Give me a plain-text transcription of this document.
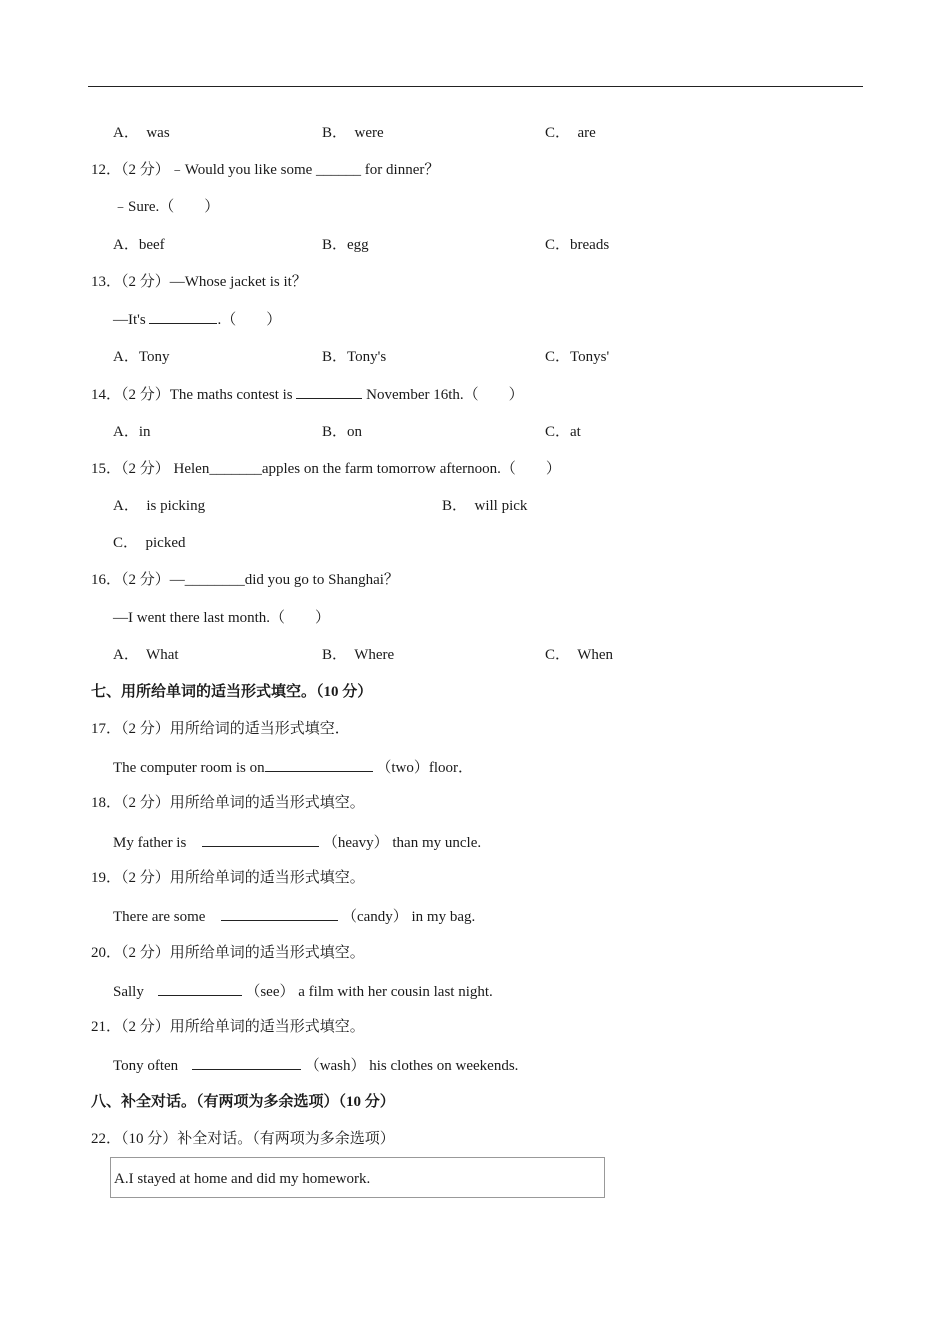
A．  was	B．  were	C．  are
12．（2 分）﹣Would you like some ______ for dinner？
﹣Sure.（　　）
A．beef	B．egg	C．breads
13．（2 分）—Whose jacket is it？
—It's	.（　　）
A．Tony	B．Tony's	C．Tonys'
14．（2 分）The maths contest is	November 16th.（　　）
A．in	B．on	C．at
15．（2 分） Helen_______apples on the farm tomorrow afternoon.（　　）
A．  is picking	B．  will pick
C．  picked
16．（2 分）—________did you go to Shanghai？
—I went there last month.（　　）
A．  What	B．  Where	C．  When
七、用所给单词的适当形式填空。（10 分）
17．（2 分）用所给词的适当形式填空．
The computer room is on	（two）floor．
18．（2 分）用所给单词的适当形式填空。
My father is	（heavy） than my uncle.
19．（2 分）用所给单词的适当形式填空。
There are some	（candy） in my bag.
20．（2 分）用所给单词的适当形式填空。
Sally	（see） a film with her cousin last night.
21．（2 分）用所给单词的适当形式填空。
Tony often	（wash） his clothes on weekends.
八、补全对话。（有两项为多余选项）（10 分）
22．（10 分）补全对话。（有两项为多余选项）
A.I stayed at home and did my homework.
